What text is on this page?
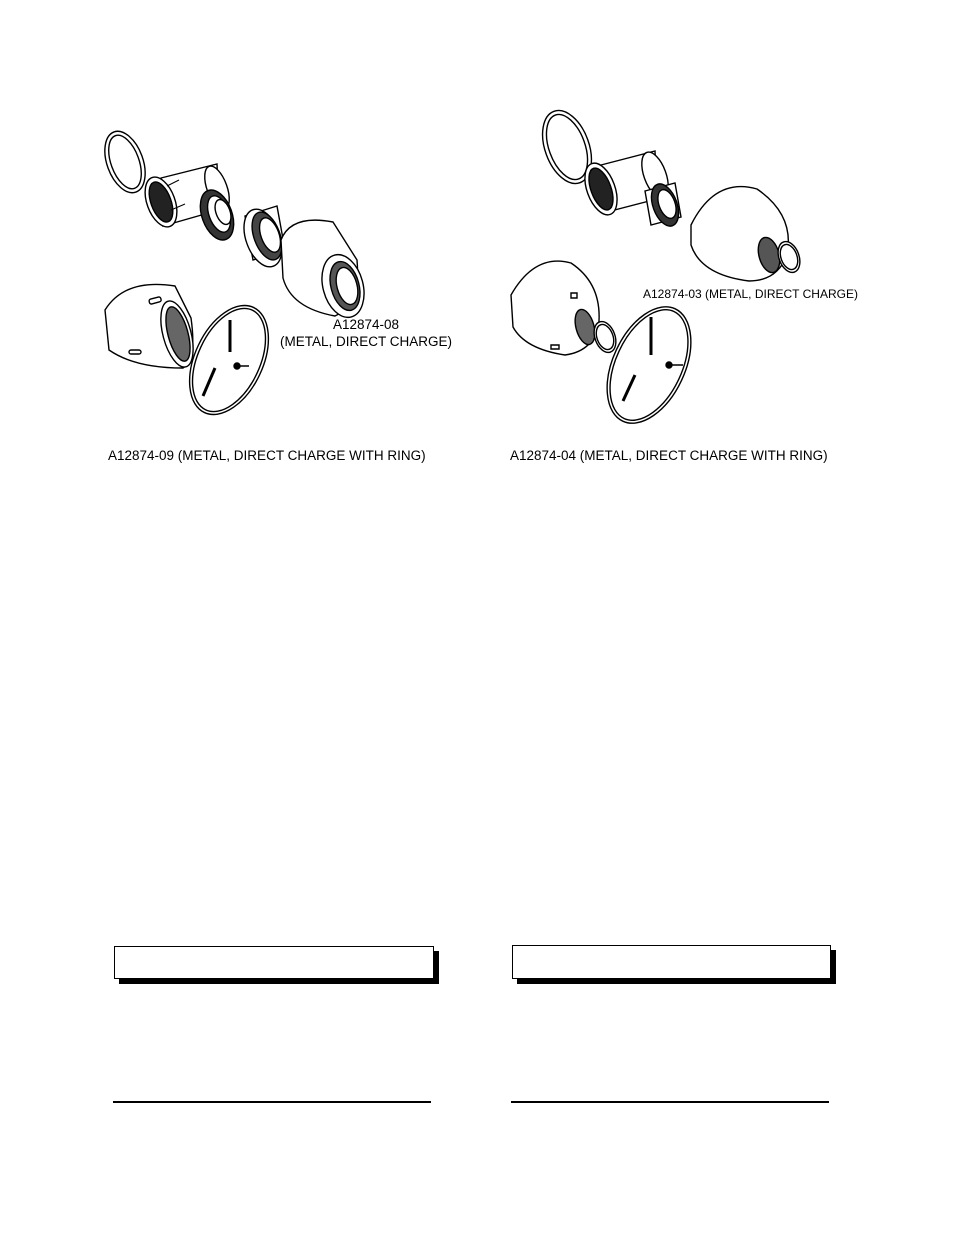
A12874-08
(METAL, DIRECT CHARGE)
A12874-09 (METAL, DIRECT CHARGE WITH RING)
A12874-03 (METAL, DIRECT CHARGE)
A12874-04 (METAL, DIRECT CHARGE WITH RING)
